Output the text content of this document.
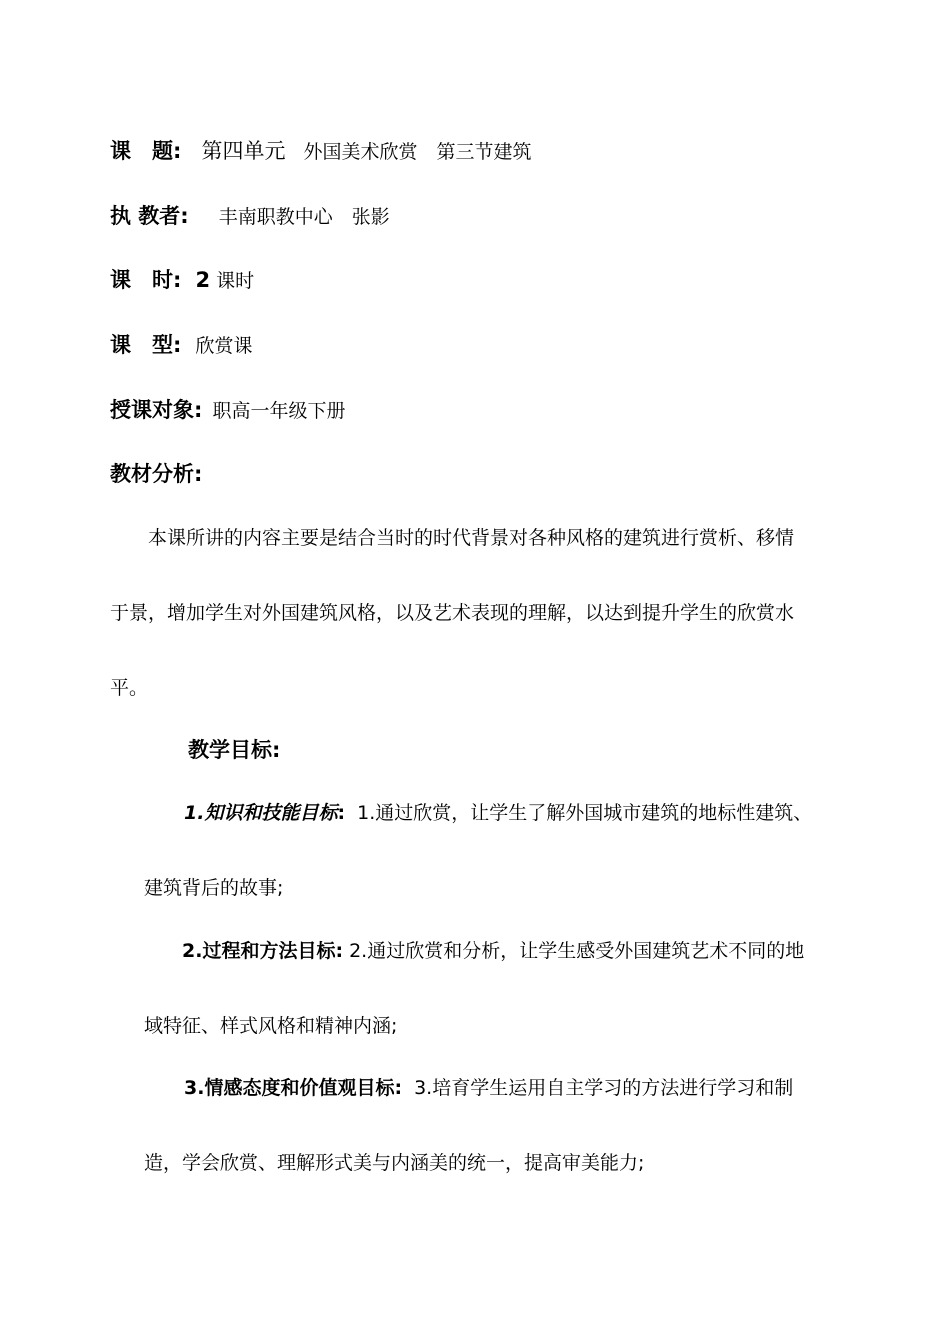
课　题: 第四单元 外国美术欣赏　第三节建筑
执 教者: 丰南职教中心　张影
课　时: 2 课时
课　型: 欣赏课
授课对象: 职高一年级下册
教材分析:
本课所讲的内容主要是结合当时的时代背景对各种风格的建筑进行赏析、移情
于景，增加学生对外国建筑风格，以及艺术表现的理解，以达到提升学生的欣赏水
平。
教学目标:
1.知识和技能目标: 1.通过欣赏，让学生了解外国城市建筑的地标性建筑、
建筑背后的故事;
2.过程和方法目标: 2.通过欣赏和分析，让学生感受外国建筑艺术不同的地
域特征、样式风格和精神内涵;
3.情感态度和价值观目标: 3.培育学生运用自主学习的方法进行学习和制
造，学会欣赏、理解形式美与内涵美的统一，提高审美能力;
